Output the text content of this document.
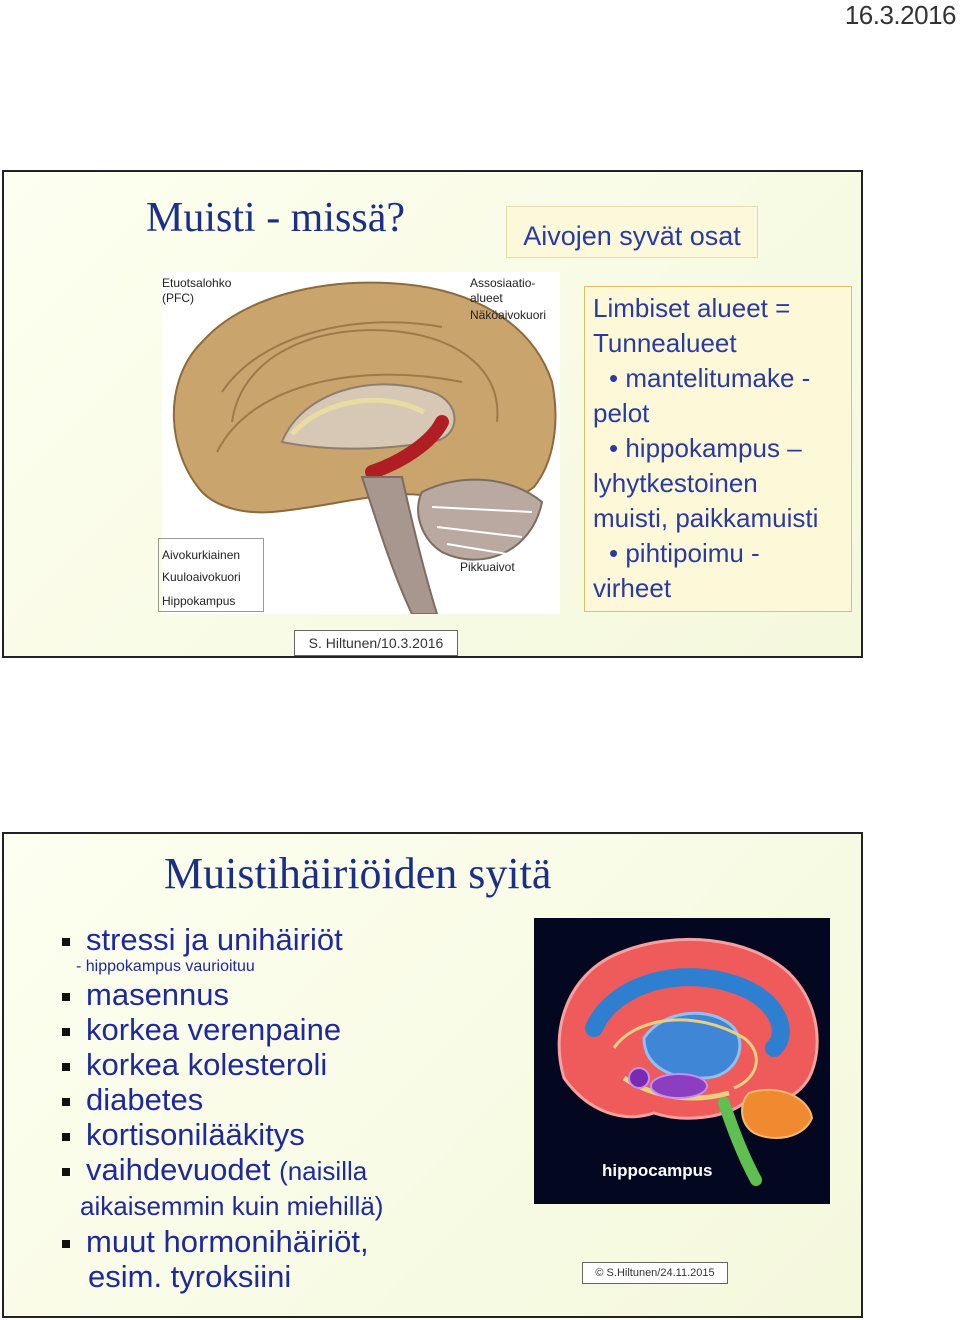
16.3.2016
Muisti - missä?	Aivojen syvät osat
Etuotsalohko (PFC)
Assosiaatio-alueet
Näköaivokuori
Aivokurkiainen
Kuuloaivokuori
Hippokampus
Pikkuaivot

Limbiset alueet =

Tunnealueet

• mantelitumake -

pelot

• hippokampus –

lyhytkestoinen

muisti, paikkamuisti

• pihtipoimu -

virheet

S. Hiltunen/10.3.2016
Muistihäiriöiden syitä
stressi ja unihäiriöt
- hippokampus vaurioituu
masennus
korkea verenpaine
korkea kolesteroli
diabetes
kortisonilääkitys
vaihdevuodet (naisilla
aikaisemmin kuin miehillä)
muut hormonihäiriöt,
esim. tyroksiini
hippocampus
© S.Hiltunen/24.11.2015
